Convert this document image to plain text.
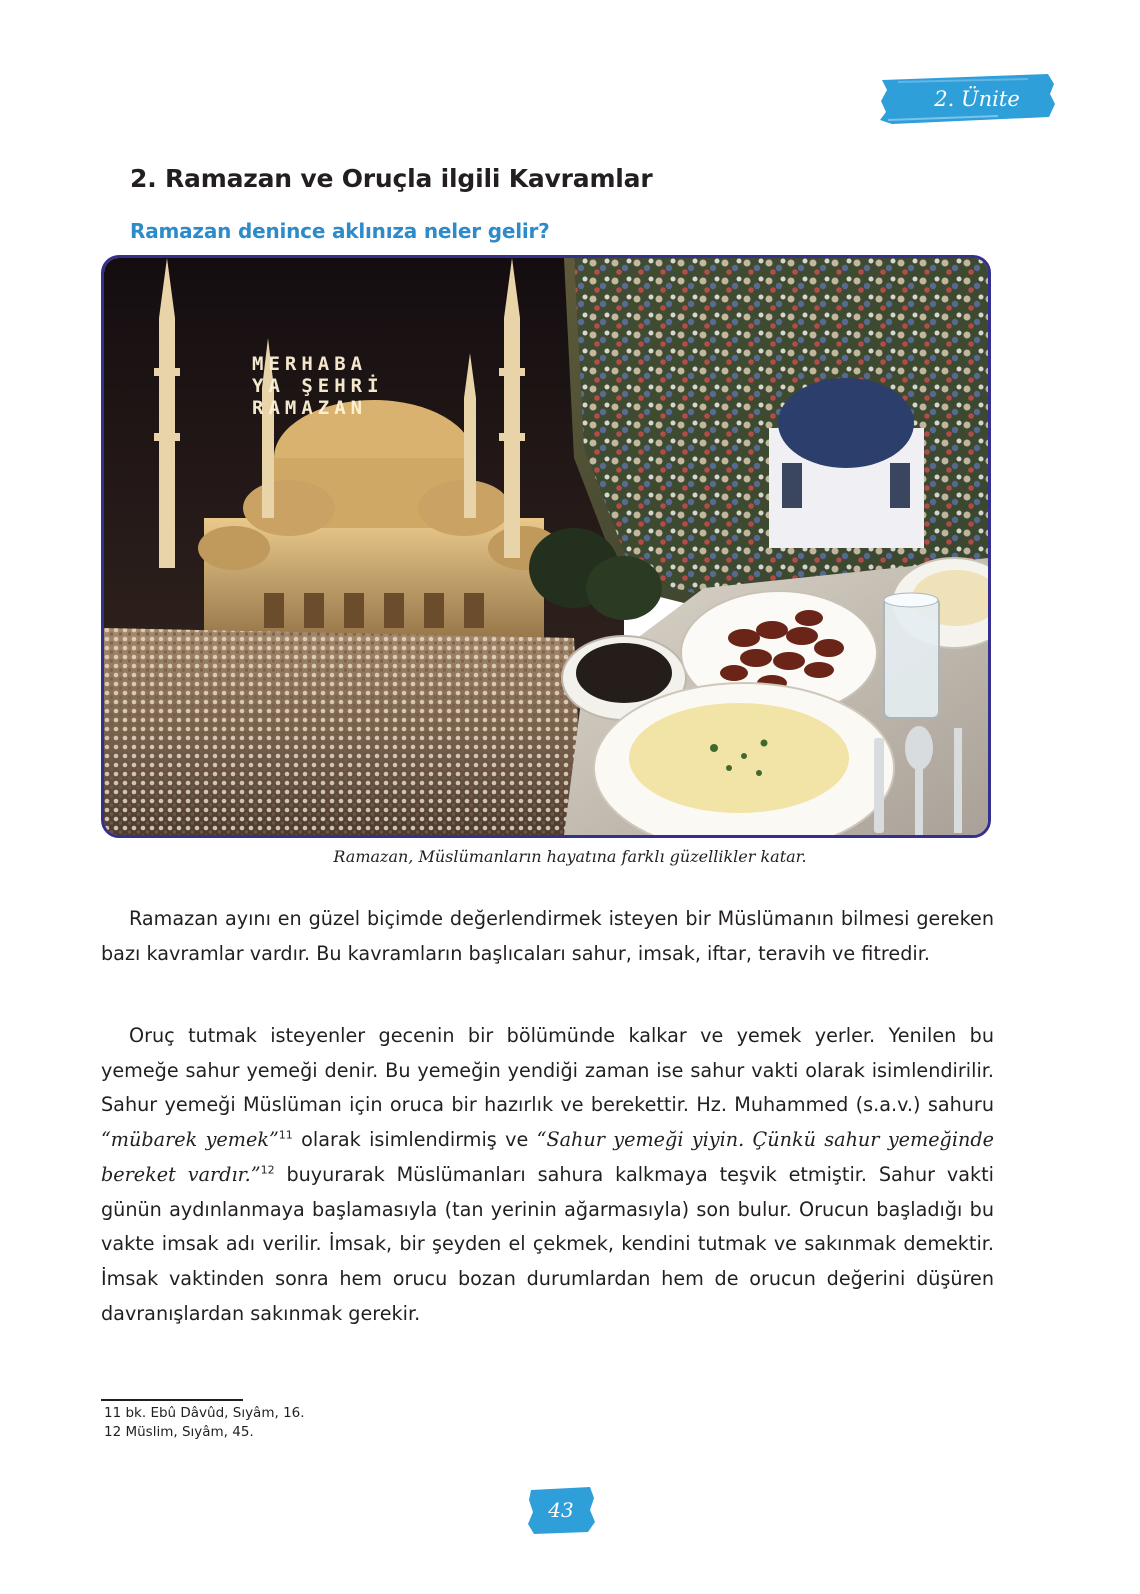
2. Ünite
2. Ramazan ve Oruçla ilgili Kavramlar
Ramazan denince aklınıza neler gelir?
MERHABA
YA ŞEHRİ
RAMAZAN
Ramazan, Müslümanların hayatına farklı güzellikler katar.

Ramazan ayını en güzel biçimde değerlendirmek isteyen bir Müslümanın bilmesi gereken bazı kavramlar vardır. Bu kavramların başlıcaları sahur, imsak, iftar, teravih ve fitredir.

Oruç tutmak isteyenler gecenin bir bölümünde kalkar ve yemek yerler. Yenilen bu yemeğe sahur yemeği denir. Bu yemeğin yendiği zaman ise sahur vakti olarak isimlendirilir. Sahur yemeği Müslüman için oruca bir hazırlık ve berekettir. Hz. Muhammed (s.a.v.) sahuru “mübarek yemek”$^{11}$ olarak isimlendirmiş ve “Sahur yemeği yiyin. Çünkü sahur yemeğinde bereket vardır.”$^{12}$ buyurarak Müslümanları sahura kalkmaya teşvik etmiştir. Sahur vakti günün aydınlanmaya başlamasıyla (tan yerinin ağarmasıyla) son bulur. Orucun başladığı bu vakte imsak adı verilir. İmsak, bir şeyden el çekmek, kendini tutmak ve sakınmak demektir. İmsak vaktinden sonra hem orucu bozan durumlardan hem de orucun değerini düşüren davranışlardan sakınmak gerekir.

11 bk. Ebû Dâvûd, Sıyâm, 16.
12 Müslim, Sıyâm, 45.
43
